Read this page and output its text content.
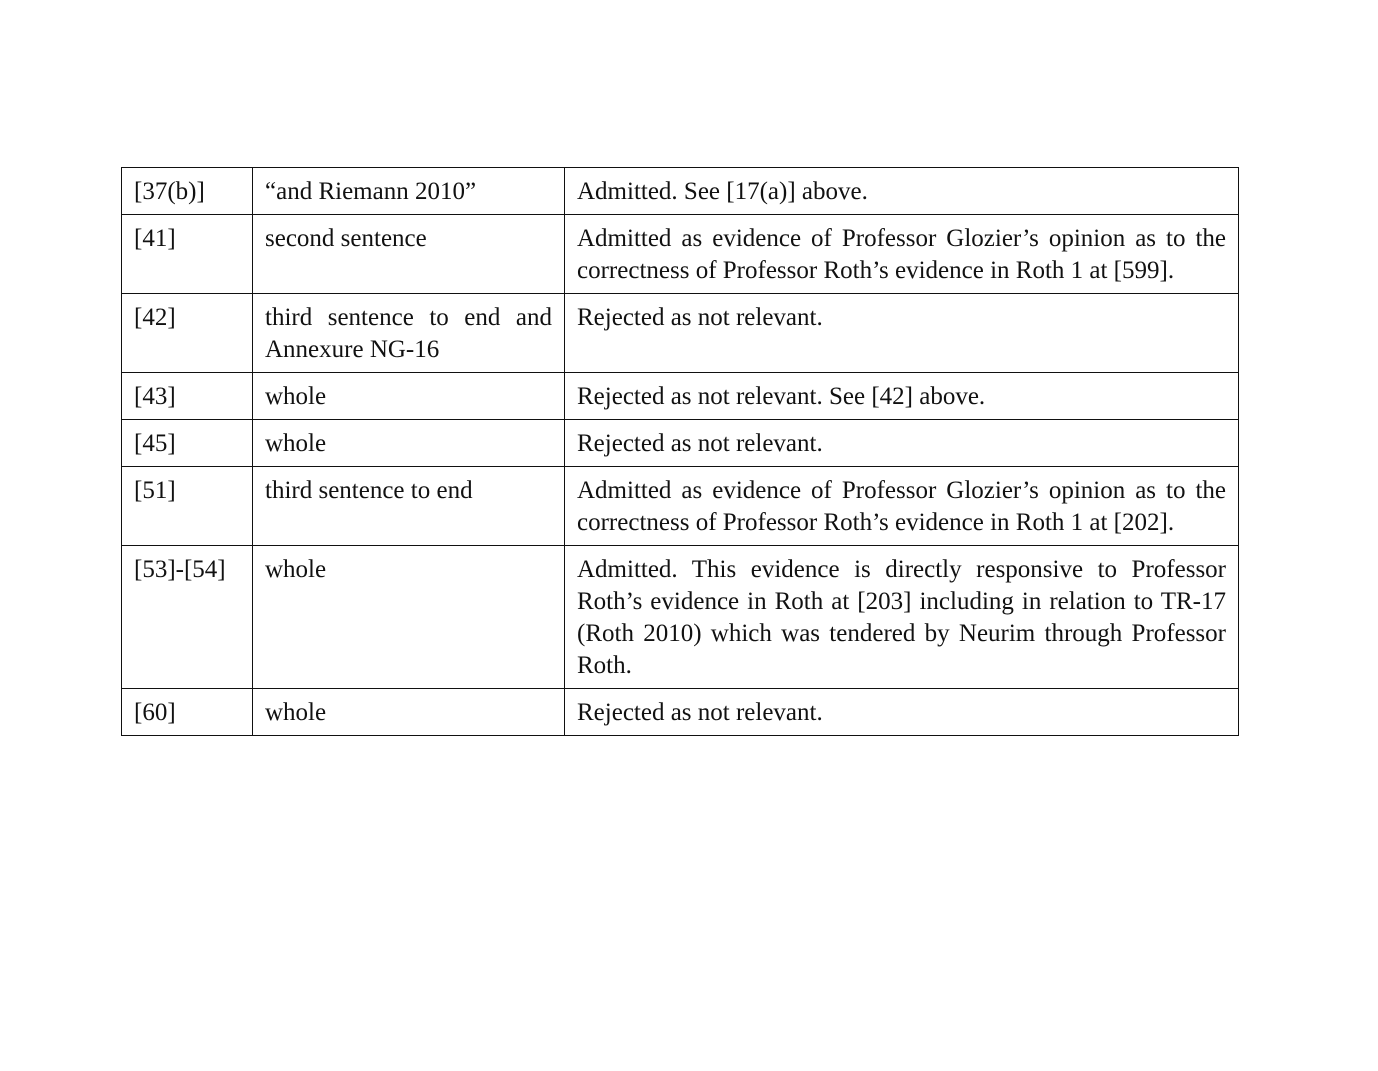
[37(b)]	“and Riemann 2010”	Admitted. See [17(a)] above.
[41]	second sentence	Admitted as evidence of Professor Glozier’s opinion as to the correctness of Professor Roth’s evidence in Roth 1 at [599].
[42]	third sentence to end and Annexure NG-16	Rejected as not relevant.
[43]	whole	Rejected as not relevant. See [42] above.
[45]	whole	Rejected as not relevant.
[51]	third sentence to end	Admitted as evidence of Professor Glozier’s opinion as to the correctness of Professor Roth’s evidence in Roth 1 at [202].
[53]-[54]	whole	Admitted. This evidence is directly responsive to Professor Roth’s evidence in Roth at [203] including in relation to TR-17 (Roth 2010) which was tendered by Neurim through Professor Roth.
[60]	whole	Rejected as not relevant.
